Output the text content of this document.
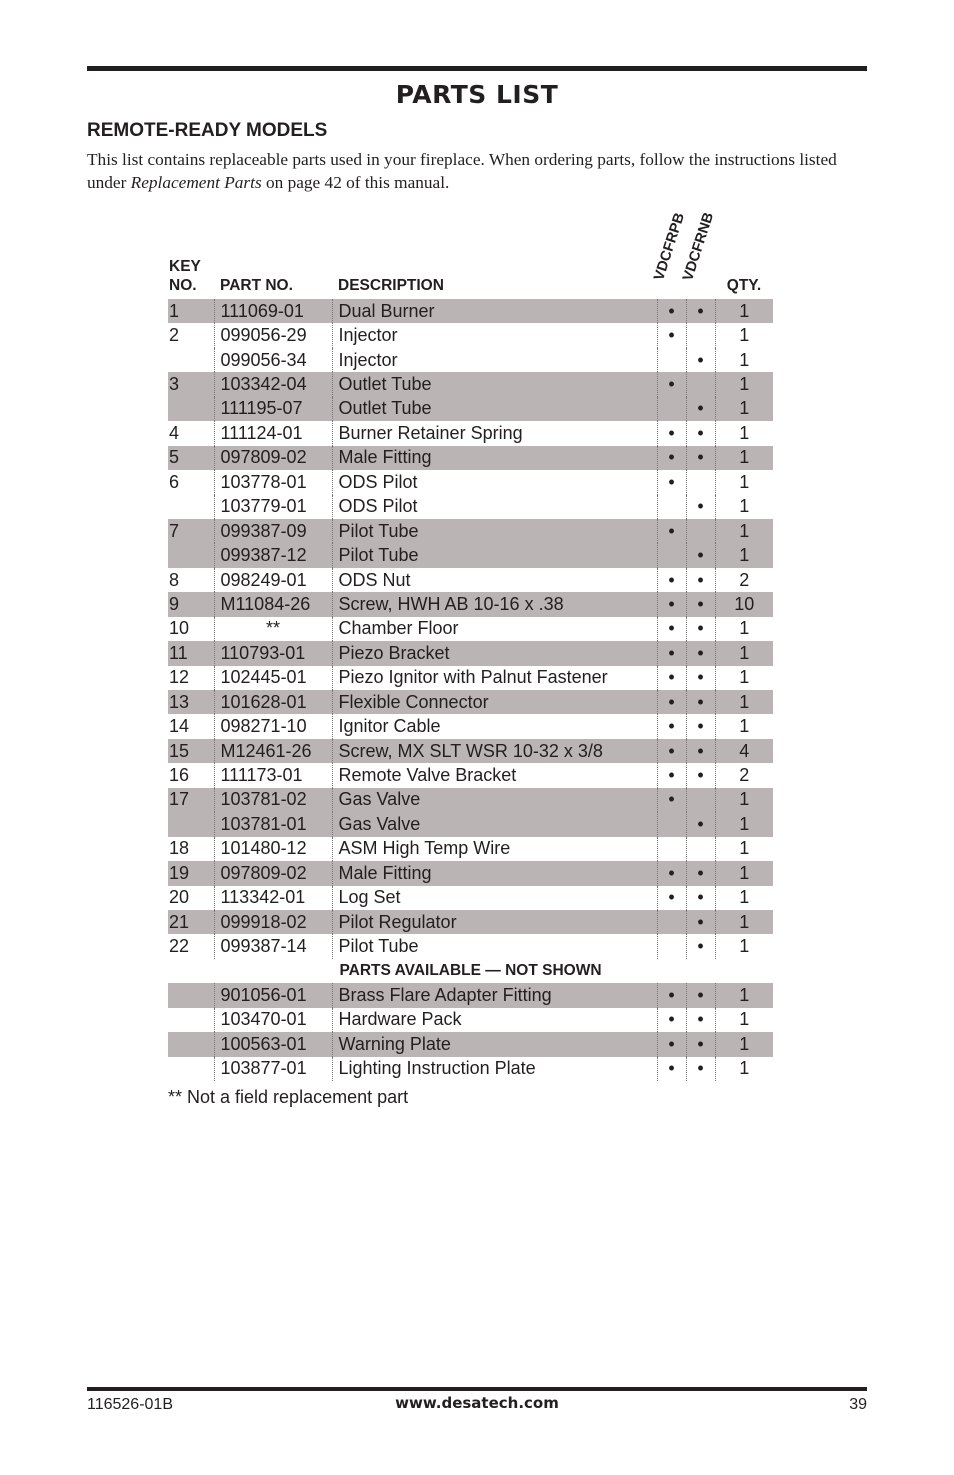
PARTS LIST
REMOTE-READY MODELS
This list contains replaceable parts used in your fireplace. When ordering parts, follow the instructions listed under Replacement Parts on page 42 of this manual.
KEY
NO.	PART NO.	DESCRIPTION	VDCFRPB	VDCFRNB	QTY.
1	111069-01	Dual Burner	•	•	1
2	099056-29	Injector	•		1
	099056-34	Injector		•	1
3	103342-04	Outlet Tube	•		1
	111195-07	Outlet Tube		•	1
4	111124-01	Burner Retainer Spring	•	•	1
5	097809-02	Male Fitting	•	•	1
6	103778-01	ODS Pilot	•		1
	103779-01	ODS Pilot		•	1
7	099387-09	Pilot Tube	•		1
	099387-12	Pilot Tube		•	1
8	098249-01	ODS Nut	•	•	2
9	M11084-26	Screw, HWH AB 10-16 x .38	•	•	10
10	**	Chamber Floor	•	•	1
11	110793-01	Piezo Bracket	•	•	1
12	102445-01	Piezo Ignitor with Palnut Fastener	•	•	1
13	101628-01	Flexible Connector	•	•	1
14	098271-10	Ignitor Cable	•	•	1
15	M12461-26	Screw, MX SLT WSR 10-32 x 3/8	•	•	4
16	111173-01	Remote Valve Bracket	•	•	2
17	103781-02	Gas Valve	•		1
	103781-01	Gas Valve		•	1
18	101480-12	ASM High Temp Wire			1
19	097809-02	Male Fitting	•	•	1
20	113342-01	Log Set	•	•	1
21	099918-02	Pilot Regulator		•	1
22	099387-14	Pilot Tube		•	1
PARTS AVAILABLE — NOT SHOWN					
	901056-01	Brass Flare Adapter Fitting	•	•	1
	103470-01	Hardware Pack	•	•	1
	100563-01	Warning Plate	•	•	1
	103877-01	Lighting Instruction Plate	•	•	1
** Not a field replacement part
116526-01B	www.desatech.com	39
